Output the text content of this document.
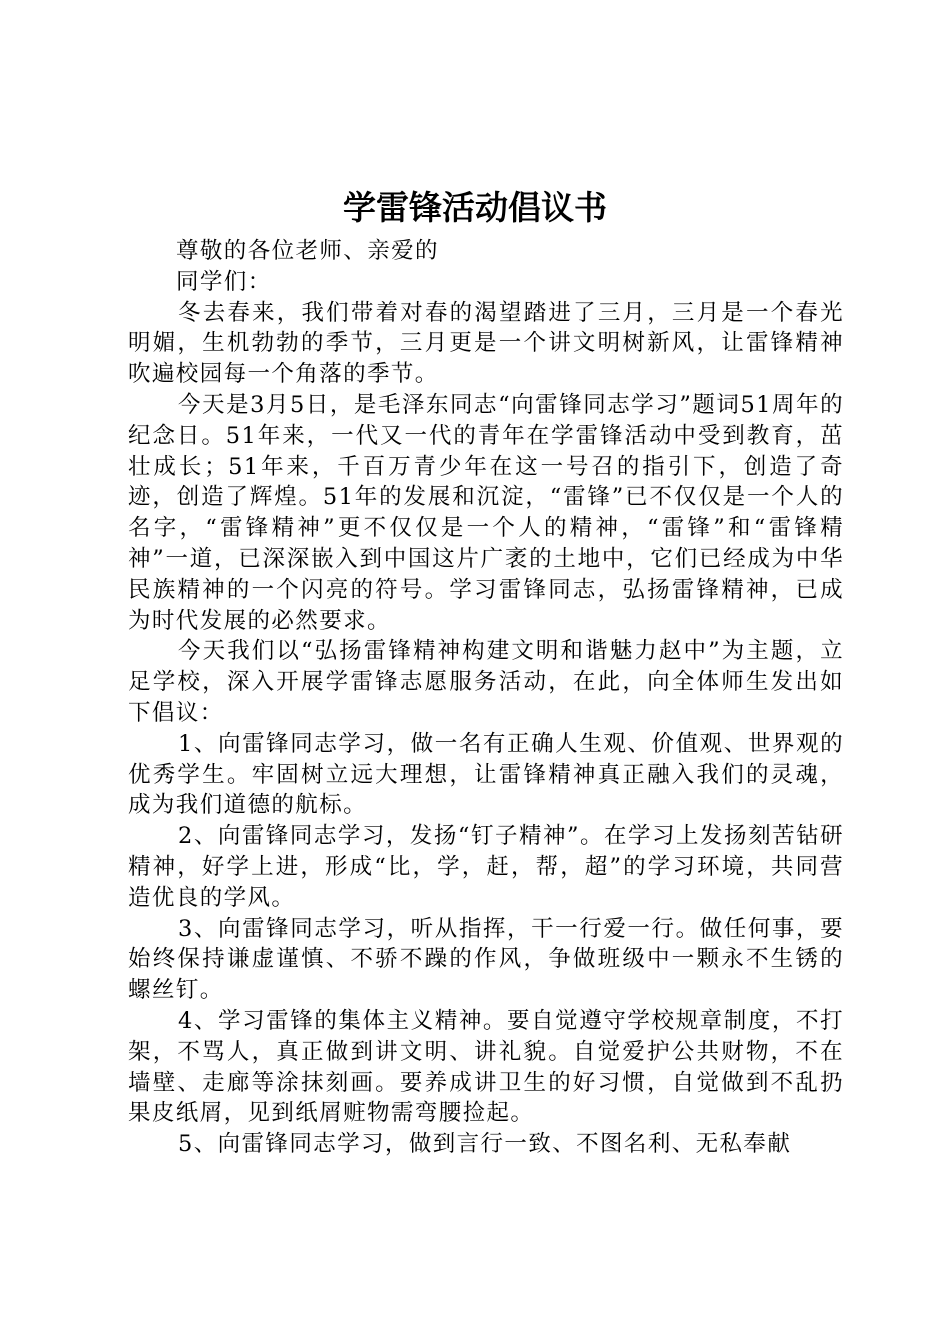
学雷锋活动倡议书

尊敬的各位老师、亲爱的

同学们：

冬去春来，我们带着对春的渴望踏进了三月，三月是一个春光明媚，生机勃勃的季节，三月更是一个讲文明树新风，让雷锋精神吹遍校园每一个角落的季节。

今天是3月5日，是毛泽东同志“向雷锋同志学习”题词51周年的纪念日。51年来，一代又一代的青年在学雷锋活动中受到教育，茁壮成长；51年来，千百万青少年在这一号召的指引下，创造了奇迹，创造了辉煌。51年的发展和沉淀，“雷锋”已不仅仅是一个人的名字，“雷锋精神”更不仅仅是一个人的精神，“雷锋”和“雷锋精神”一道，已深深嵌入到中国这片广袤的土地中，它们已经成为中华民族精神的一个闪亮的符号。学习雷锋同志，弘扬雷锋精神，已成为时代发展的必然要求。

今天我们以“弘扬雷锋精神构建文明和谐魅力赵中”为主题，立足学校，深入开展学雷锋志愿服务活动，在此，向全体师生发出如下倡议：

1、向雷锋同志学习，做一名有正确人生观、价值观、世界观的优秀学生。牢固树立远大理想，让雷锋精神真正融入我们的灵魂，成为我们道德的航标。

2、向雷锋同志学习，发扬“钉子精神”。在学习上发扬刻苦钻研精神，好学上进，形成“比，学，赶，帮，超”的学习环境，共同营造优良的学风。

3、向雷锋同志学习，听从指挥，干一行爱一行。做任何事，要始终保持谦虚谨慎、不骄不躁的作风，争做班级中一颗永不生锈的螺丝钉。

4、学习雷锋的集体主义精神。要自觉遵守学校规章制度，不打架，不骂人，真正做到讲文明、讲礼貌。自觉爱护公共财物，不在墙壁、走廊等涂抹刻画。要养成讲卫生的好习惯，自觉做到不乱扔果皮纸屑，见到纸屑赃物需弯腰捡起。

5、向雷锋同志学习，做到言行一致、不图名利、无私奉献
